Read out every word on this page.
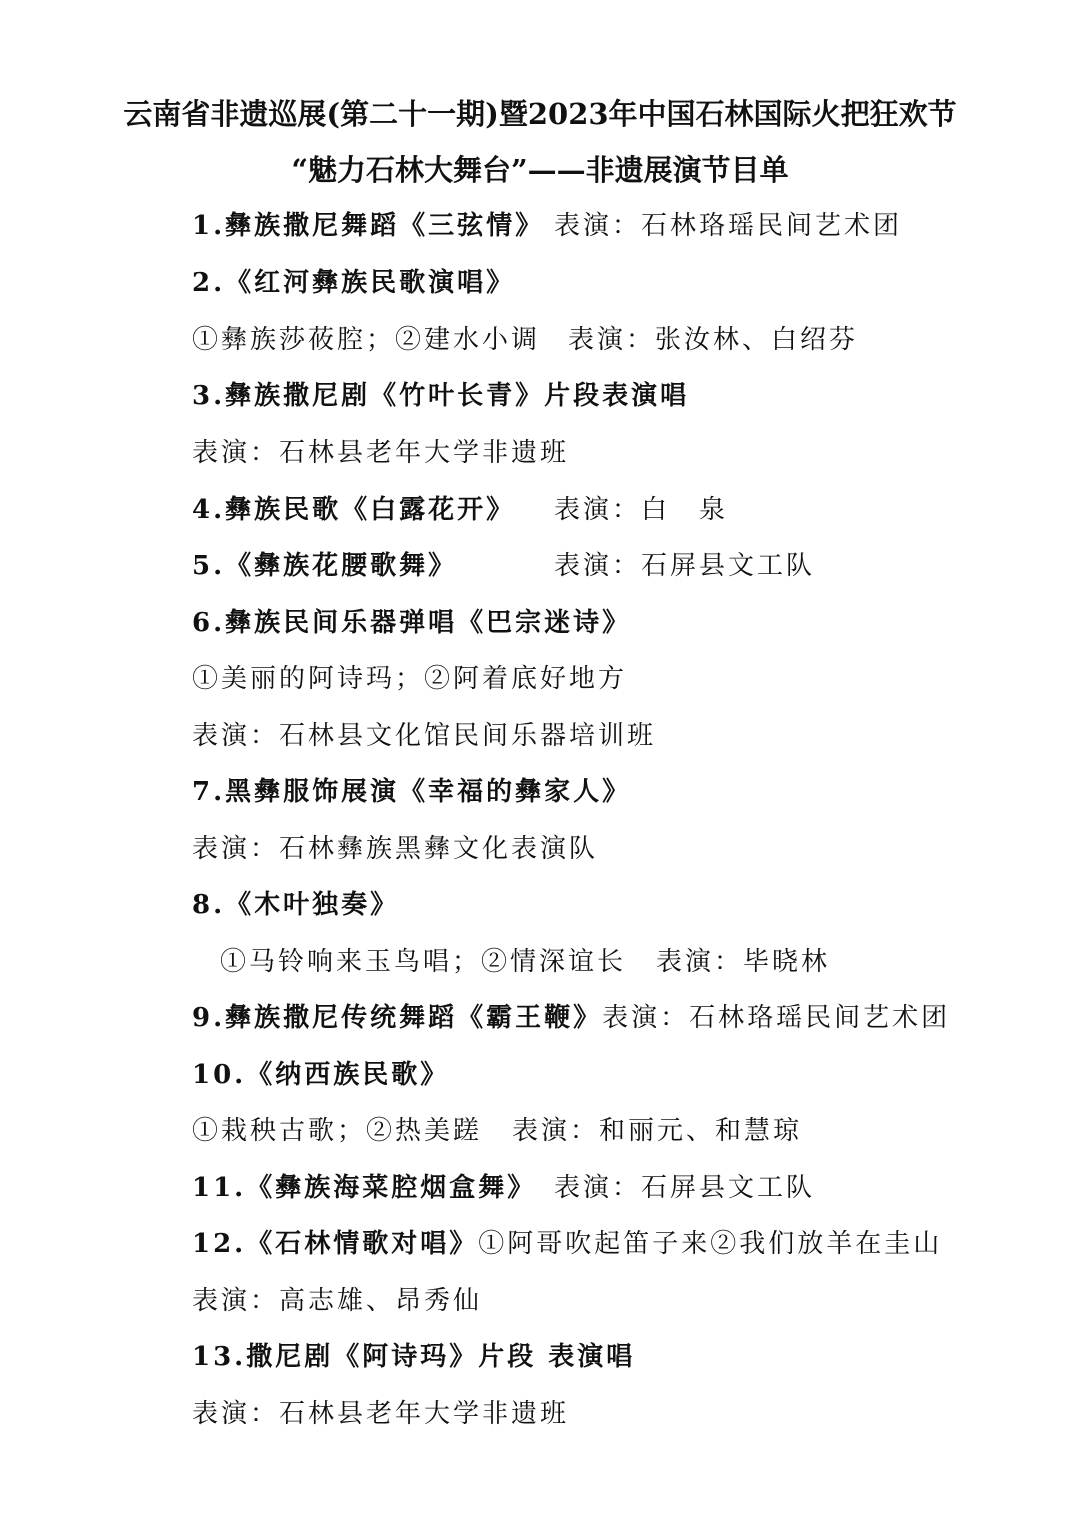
云南省非遗巡展(第二十一期)暨2023年中国石林国际火把狂欢节
“魅力石林大舞台”——非遗展演节目单
1.彝族撒尼舞蹈《三弦情》 表演：石林珞瑶民间艺术团
2.《红河彝族民歌演唱》
①彝族莎莜腔；②建水小调 表演：张汝林、白绍芬
3.彝族撒尼剧《竹叶长青》片段表演唱
表演：石林县老年大学非遗班
4.彝族民歌《白露花开》 表演：白　泉
5.《彝族花腰歌舞》	表演：石屏县文工队
6.彝族民间乐器弹唱《巴宗迷诗》
①美丽的阿诗玛；②阿着底好地方
表演：石林县文化馆民间乐器培训班
7.黑彝服饰展演《幸福的彝家人》
表演：石林彝族黑彝文化表演队
8.《木叶独奏》
①马铃响来玉鸟唱；②情深谊长 表演：毕晓林
9.彝族撒尼传统舞蹈《霸王鞭》表演：石林珞瑶民间艺术团
10.《纳西族民歌》
①栽秧古歌；②热美蹉 表演：和丽元、和慧琼
11.《彝族海菜腔烟盒舞》 表演：石屏县文工队
12.《石林情歌对唱》①阿哥吹起笛子来②我们放羊在圭山
表演：高志雄、昂秀仙
13.撒尼剧《阿诗玛》片段 表演唱
表演：石林县老年大学非遗班
